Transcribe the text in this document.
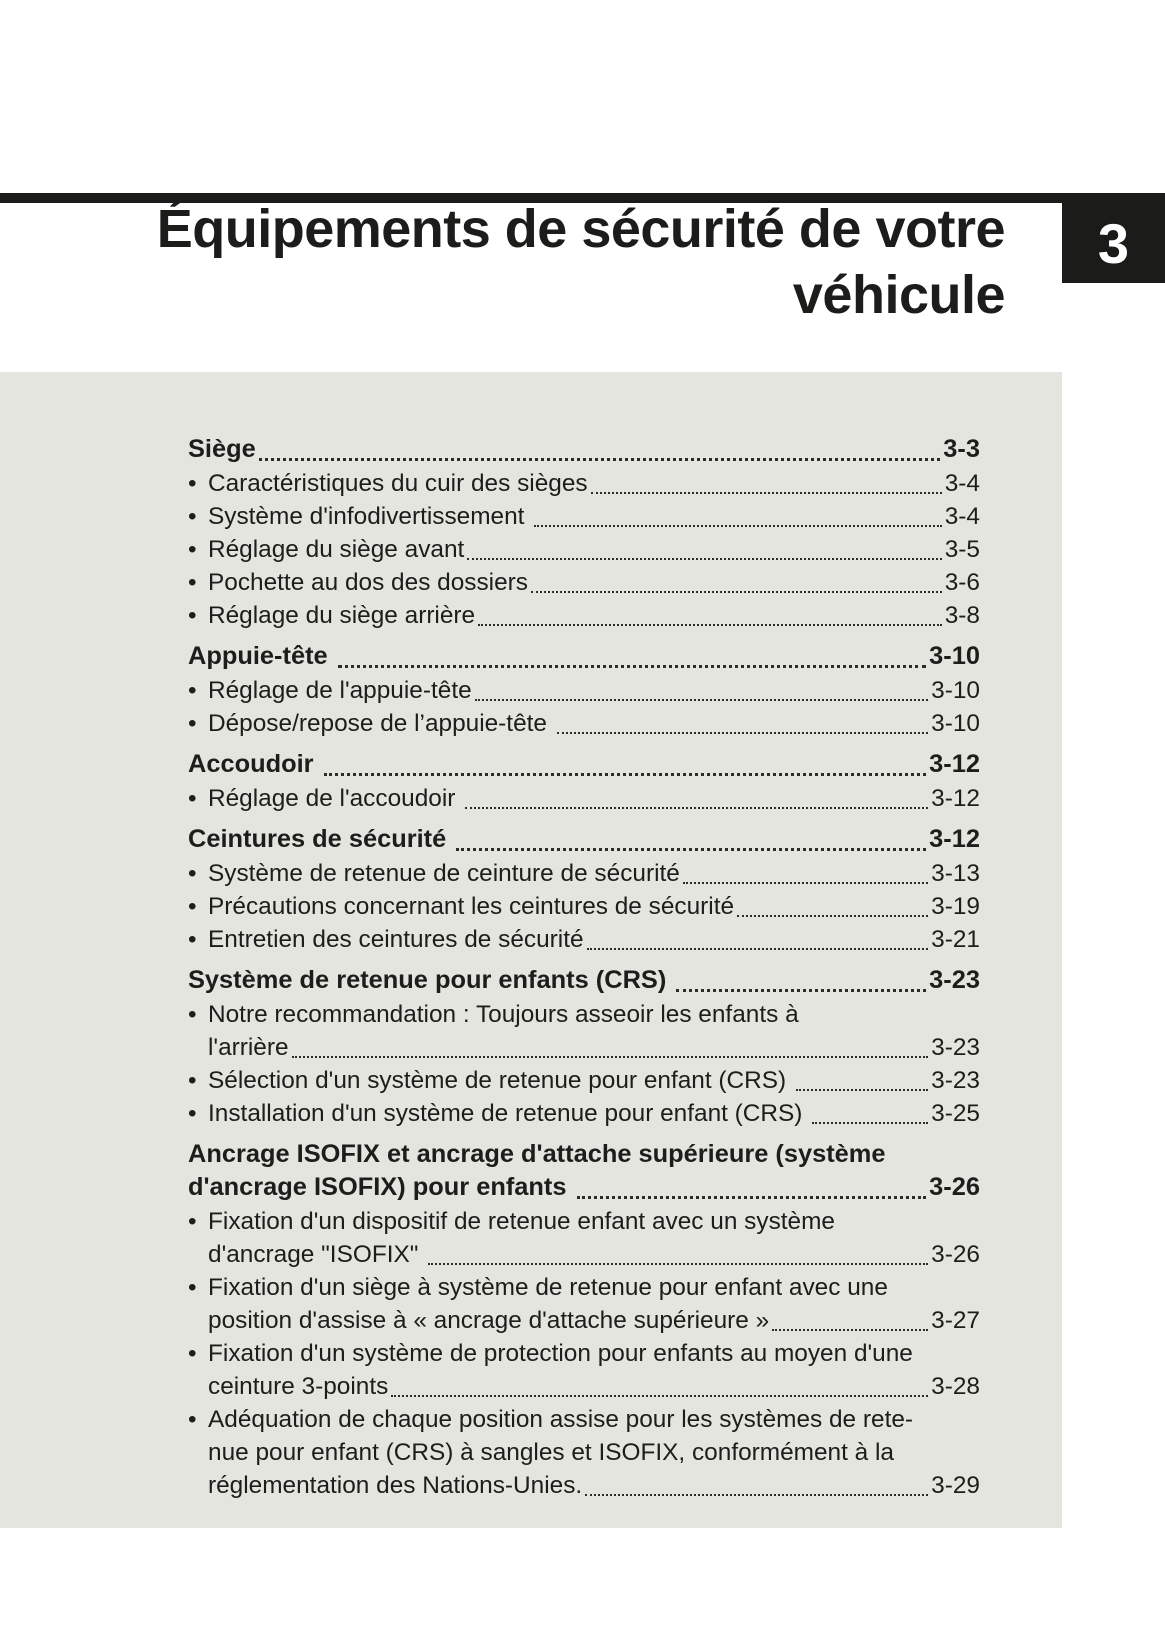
Équipements de sécurité de votre
véhicule
3
Siège	3-3
• Caractéristiques du cuir des sièges	3-4
• Système d'infodivertissement	3-4
• Réglage du siège avant	3-5
• Pochette au dos des dossiers	3-6
• Réglage du siège arrière	3-8
Appuie-tête	3-10
• Réglage de l'appuie-tête	3-10
• Dépose/repose de l’appuie-tête	3-10
Accoudoir	3-12
• Réglage de l'accoudoir	3-12
Ceintures de sécurité	3-12
• Système de retenue de ceinture de sécurité	3-13
• Précautions concernant les ceintures de sécurité	3-19
• Entretien des ceintures de sécurité	3-21
Système de retenue pour enfants (CRS)	3-23
• Notre recommandation : Toujours asseoir les enfants à
l'arrière	3-23
• Sélection d'un système de retenue pour enfant (CRS)	3-23
• Installation d'un système de retenue pour enfant (CRS)	3-25
Ancrage ISOFIX et ancrage d'attache supérieure (système
d'ancrage ISOFIX) pour enfants	3-26
• Fixation d'un dispositif de retenue enfant avec un système
d'ancrage "ISOFIX"	3-26
• Fixation d'un siège à système de retenue pour enfant avec une
position d'assise à « ancrage d'attache supérieure »	3-27
• Fixation d'un système de protection pour enfants au moyen d'une
ceinture 3-points	3-28
• Adéquation de chaque position assise pour les systèmes de rete-
nue pour enfant (CRS) à sangles et ISOFIX, conformément à la
réglementation des Nations-Unies.	3-29
